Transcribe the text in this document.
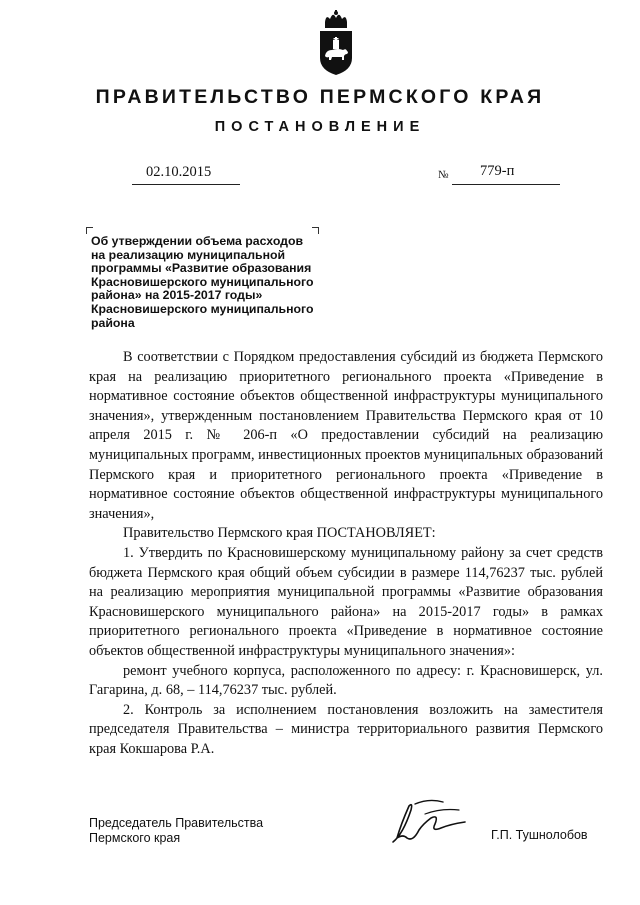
ПРАВИТЕЛЬСТВО ПЕРМСКОГО КРАЯ
ПОСТАНОВЛЕНИЕ
02.10.2015	№ 779-п
Об утверждении объема расходов
на реализацию муниципальной
программы «Развитие образования
Красновишерского муниципального
района» на 2015-2017 годы»
Красновишерского муниципального
района

В соответствии с Порядком предоставления субсидий из бюджета Пермского края на реализацию приоритетного регионального проекта «Приведение в нормативное состояние объектов общественной инфраструктуры муниципального значения», утвержденным постановлением Правительства Пермского края от 10 апреля 2015 г. № 206-п «О предоставлении субсидий на реализацию муниципальных программ, инвестиционных проектов муниципальных образований Пермского края и приоритетного регионального проекта «Приведение в нормативное состояние объектов общественной инфраструктуры муниципального значения»,

Правительство Пермского края ПОСТАНОВЛЯЕТ:

1. Утвердить по Красновишерскому муниципальному району за счет средств бюджета Пермского края общий объем субсидии в размере 114,76237 тыс. рублей на реализацию мероприятия муниципальной программы «Развитие образования Красновишерского муниципального района» на 2015-2017 годы» в рамках приоритетного регионального проекта «Приведение в нормативное состояние объектов общественной инфраструктуры муниципального значения»:

ремонт учебного корпуса, расположенного по адресу: г. Красновишерск, ул. Гагарина, д. 68, – 114,76237 тыс. рублей.

2. Контроль за исполнением постановления возложить на заместителя председателя Правительства – министра территориального развития Пермского края Кокшарова Р.А.

Председатель Правительства
Пермского края	Г.П. Тушнолобов
